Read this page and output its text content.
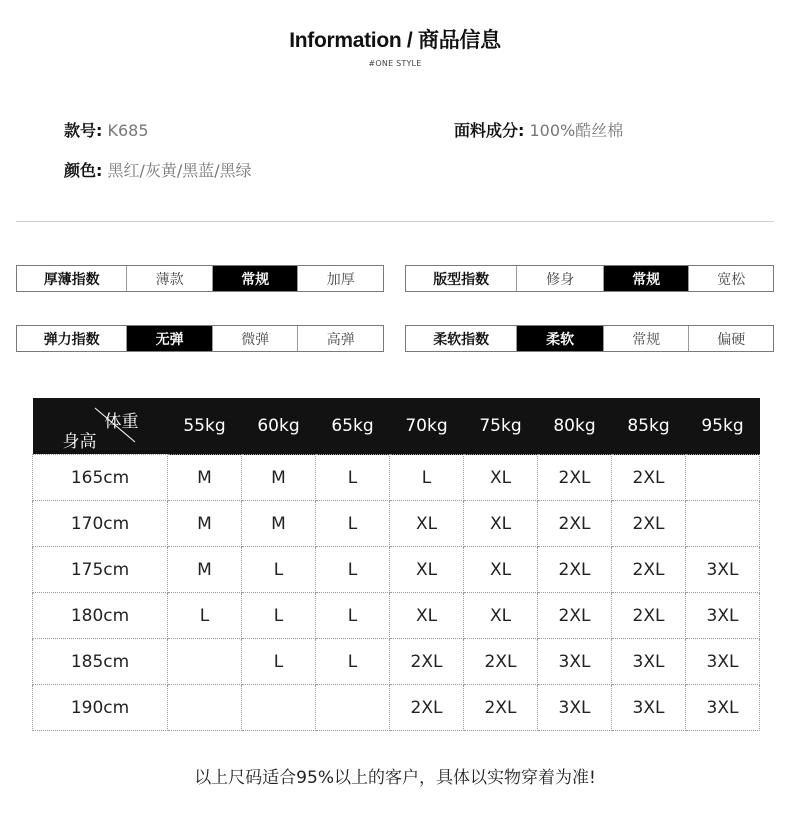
Information / 商品信息
#ONE STYLE
款号: K685	面料成分: 100%酷丝棉
颜色: 黑红/灰黄/黑蓝/黑绿
厚薄指数	薄款	常规	加厚	版型指数	修身	常规	宽松
弹力指数	无弹	微弹	高弹	柔软指数	柔软	常规	偏硬
体重
身高	55kg	60kg	65kg	70kg	75kg	80kg	85kg	95kg
165cm	M	M	L	L	XL	2XL	2XL	
170cm	M	M	L	XL	XL	2XL	2XL	
175cm	M	L	L	XL	XL	2XL	2XL	3XL
180cm	L	L	L	XL	XL	2XL	2XL	3XL
185cm		L	L	2XL	2XL	3XL	3XL	3XL
190cm				2XL	2XL	3XL	3XL	3XL
以上尺码适合95%以上的客户，具体以实物穿着为准!
